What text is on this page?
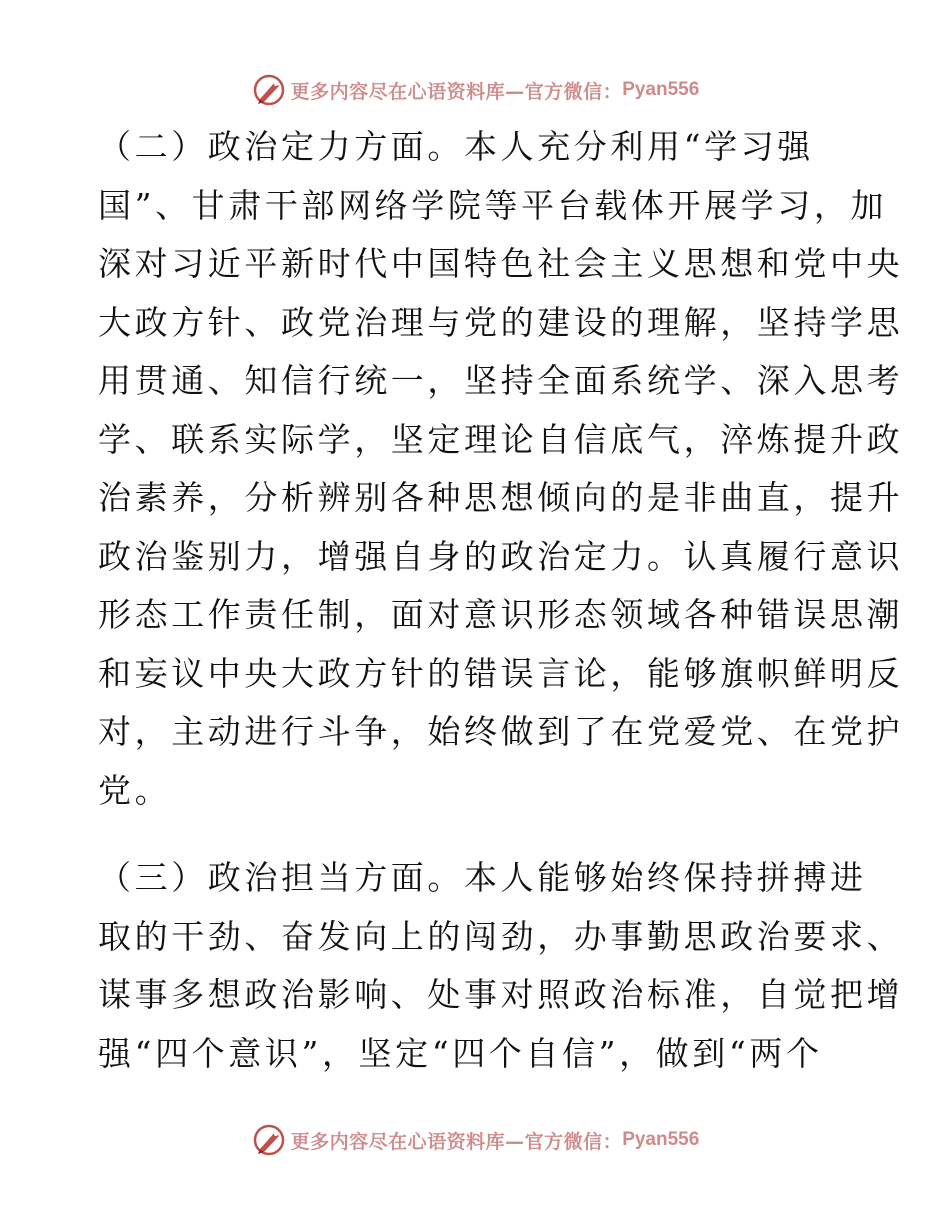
更多内容尽在心语资料库—官方微信： Pyan556

（二）政治定力方面。本人充分利用“学习强
国”、甘肃干部网络学院等平台载体开展学习，加
深对习近平新时代中国特色社会主义思想和党中央
大政方针、政党治理与党的建设的理解，坚持学思
用贯通、知信行统一，坚持全面系统学、深入思考
学、联系实际学，坚定理论自信底气，淬炼提升政
治素养，分析辨别各种思想倾向的是非曲直，提升
政治鉴别力，增强自身的政治定力。认真履行意识
形态工作责任制，面对意识形态领域各种错误思潮
和妄议中央大政方针的错误言论，能够旗帜鲜明反
对，主动进行斗争，始终做到了在党爱党、在党护
党。

（三）政治担当方面。本人能够始终保持拼搏进
取的干劲、奋发向上的闯劲，办事勤思政治要求、
谋事多想政治影响、处事对照政治标准，自觉把增
强“四个意识”，坚定“四个自信”，做到“两个

更多内容尽在心语资料库—官方微信： Pyan556
